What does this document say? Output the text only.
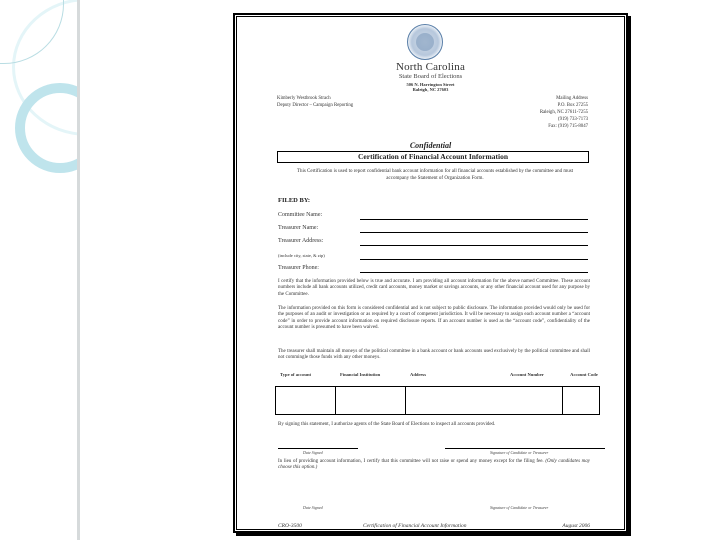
North Carolina
State Board of Elections
506 N. Harrington Street
Raleigh, NC 27603
Kimberly Westbrook Strach
Deputy Director – Campaign Reporting
Mailing Address
P.O. Box 27255
Raleigh, NC 27611-7255
(919) 733-7173
Fax: (919) 715-8047
Confidential
Certification of Financial Account Information
This Certification is used to report confidential bank account information for all financial accounts established by the committee and must accompany the Statement of Organization Form.
FILED BY:
Committee Name:
Treasurer Name:
Treasurer Address:
(include city, state, & zip)
Treasurer Phone:
I certify that the information provided below is true and accurate. I am providing all account information for the above named Committee. These account numbers include all bank accounts utilized, credit card accounts, money market or savings accounts, or any other financial account used for any purpose by the Committee.
The information provided on this form is considered confidential and is not subject to public disclosure. The information provided would only be used for the purposes of an audit or investigation or as required by a court of competent jurisdiction. It will be necessary to assign each account number a “account code” in order to provide account information on required disclosure reports. If an account number is used as the “account code”, confidentiality of the account number is presumed to have been waived.
The treasurer shall maintain all moneys of the political committee in a bank account or bank accounts used exclusively by the political committee and shall not commingle those funds with any other moneys.
Type of account	Financial Institution	Address	Account Number	Account Code
By signing this statement, I authorize agents of the State Board of Elections to inspect all accounts provided.
Date Signed	Signature of Candidate or Treasurer
In lieu of providing account information, I certify that this committee will not raise or spend any money except for the filing fee. (Only candidates may choose this option.)
Date Signed	Signature of Candidate or Treasurer
CRO-3500	Certification of Financial Account Information	August 2006
